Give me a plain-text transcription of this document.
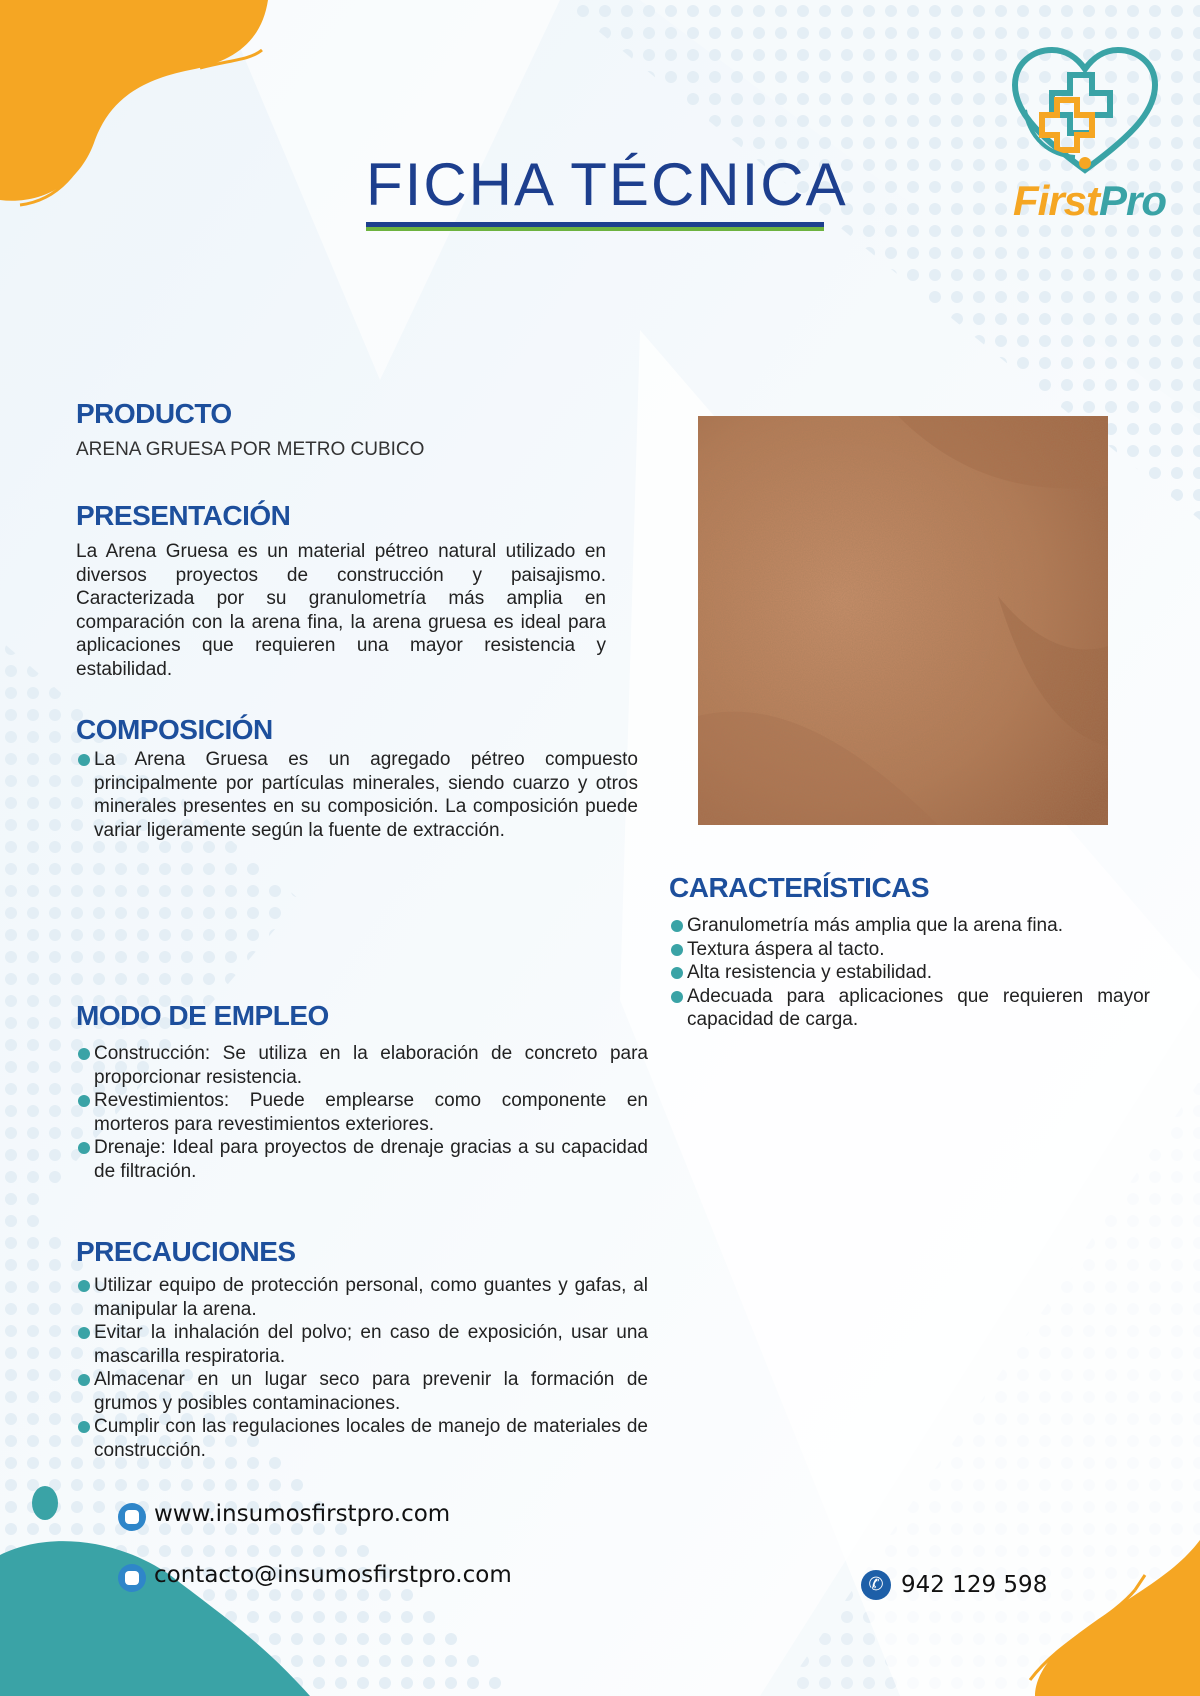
FICHA TÉCNICA	FirstPro
PRODUCTO

ARENA GRUESA POR METRO CUBICO

PRESENTACIÓN

La Arena Gruesa es un material pétreo natural utilizado en diversos proyectos de construcción y paisajismo. Caracterizada por su granulometría más amplia en comparación con la arena fina, la arena gruesa es ideal para aplicaciones que requieren una mayor resistencia y estabilidad.

COMPOSICIÓN
La Arena Gruesa es un agregado pétreo compuesto principalmente por partículas minerales, siendo cuarzo y otros minerales presentes en su composición. La composición puede variar ligeramente según la fuente de extracción.
CARACTERÍSTICAS
Granulometría más amplia que la arena fina.
Textura áspera al tacto.
Alta resistencia y estabilidad.
Adecuada para aplicaciones que requieren mayor capacidad de carga.
MODO DE EMPLEO
Construcción: Se utiliza en la elaboración de concreto para proporcionar resistencia.
Revestimientos: Puede emplearse como componente en morteros para revestimientos exteriores.
Drenaje: Ideal para proyectos de drenaje gracias a su capacidad de filtración.
PRECAUCIONES
Utilizar equipo de protección personal, como guantes y gafas, al manipular la arena.
Evitar la inhalación del polvo; en caso de exposición, usar una mascarilla respiratoria.
Almacenar en un lugar seco para prevenir la formación de grumos y posibles contaminaciones.
Cumplir con las regulaciones locales de manejo de materiales de construcción.
www.insumosfirstpro.com
contacto@insumosfirstpro.com	✆ 942 129 598
